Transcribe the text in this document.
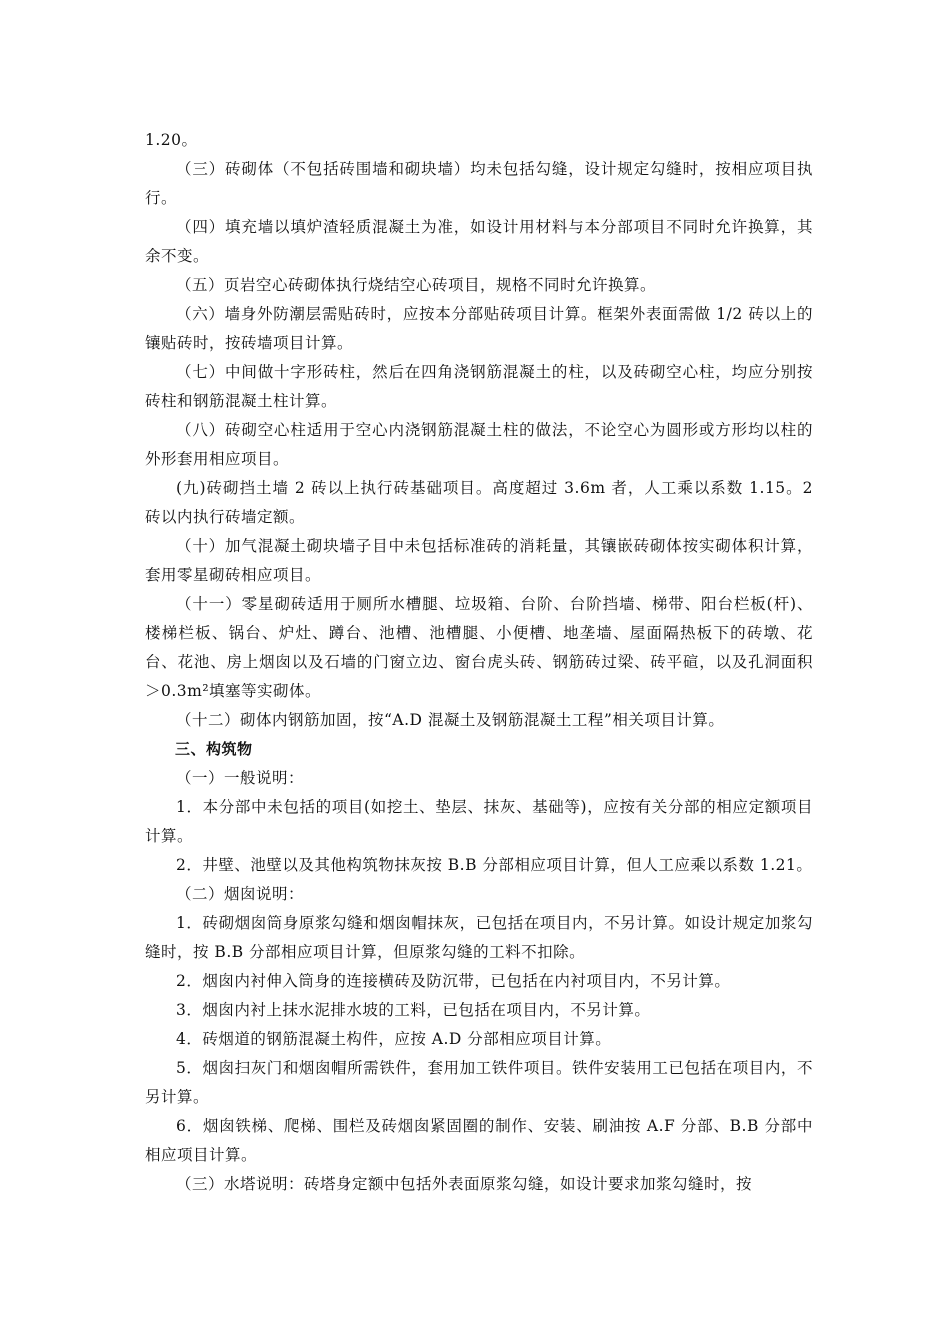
1.20。

（三）砖砌体（不包括砖围墙和砌块墙）均未包括勾缝，设计规定勾缝时，按相应项目执行。

（四）填充墙以填炉渣轻质混凝土为准，如设计用材料与本分部项目不同时允许换算，其余不变。

（五）页岩空心砖砌体执行烧结空心砖项目，规格不同时允许换算。

（六）墙身外防潮层需贴砖时，应按本分部贴砖项目计算。框架外表面需做 1/2 砖以上的镶贴砖时，按砖墙项目计算。

（七）中间做十字形砖柱，然后在四角浇钢筋混凝土的柱，以及砖砌空心柱，均应分别按砖柱和钢筋混凝土柱计算。

（八）砖砌空心柱适用于空心内浇钢筋混凝土柱的做法，不论空心为圆形或方形均以柱的外形套用相应项目。

(九)砖砌挡土墙 2 砖以上执行砖基础项目。高度超过 3.6m 者，人工乘以系数 1.15。2 砖以内执行砖墙定额。

（十）加气混凝土砌块墙子目中未包括标准砖的消耗量，其镶嵌砖砌体按实砌体积计算，套用零星砌砖相应项目。

（十一）零星砌砖适用于厕所水槽腿、垃圾箱、台阶、台阶挡墙、梯带、阳台栏板(杆)、楼梯栏板、锅台、炉灶、蹲台、池槽、池槽腿、小便槽、地垄墙、屋面隔热板下的砖墩、花台、花池、房上烟囱以及石墙的门窗立边、窗台虎头砖、钢筋砖过梁、砖平碹，以及孔洞面积＞0.3m²填塞等实砌体。

（十二）砌体内钢筋加固，按“A.D 混凝土及钢筋混凝土工程”相关项目计算。

三、构筑物

（一）一般说明：

1．本分部中未包括的项目(如挖土、垫层、抹灰、基础等)，应按有关分部的相应定额项目计算。

2．井壁、池壁以及其他构筑物抹灰按 B.B 分部相应项目计算，但人工应乘以系数 1.21。

（二）烟囱说明：

1．砖砌烟囱筒身原浆勾缝和烟囱帽抹灰，已包括在项目内，不另计算。如设计规定加浆勾缝时，按 B.B 分部相应项目计算，但原浆勾缝的工料不扣除。

2．烟囱内衬伸入筒身的连接横砖及防沉带，已包括在内衬项目内，不另计算。

3．烟囱内衬上抹水泥排水坡的工料，已包括在项目内，不另计算。

4．砖烟道的钢筋混凝土构件，应按 A.D 分部相应项目计算。

5．烟囱扫灰门和烟囱帽所需铁件，套用加工铁件项目。铁件安装用工已包括在项目内，不另计算。

6．烟囱铁梯、爬梯、围栏及砖烟囱紧固圈的制作、安装、刷油按 A.F 分部、B.B 分部中相应项目计算。

（三）水塔说明：砖塔身定额中包括外表面原浆勾缝，如设计要求加浆勾缝时，按
